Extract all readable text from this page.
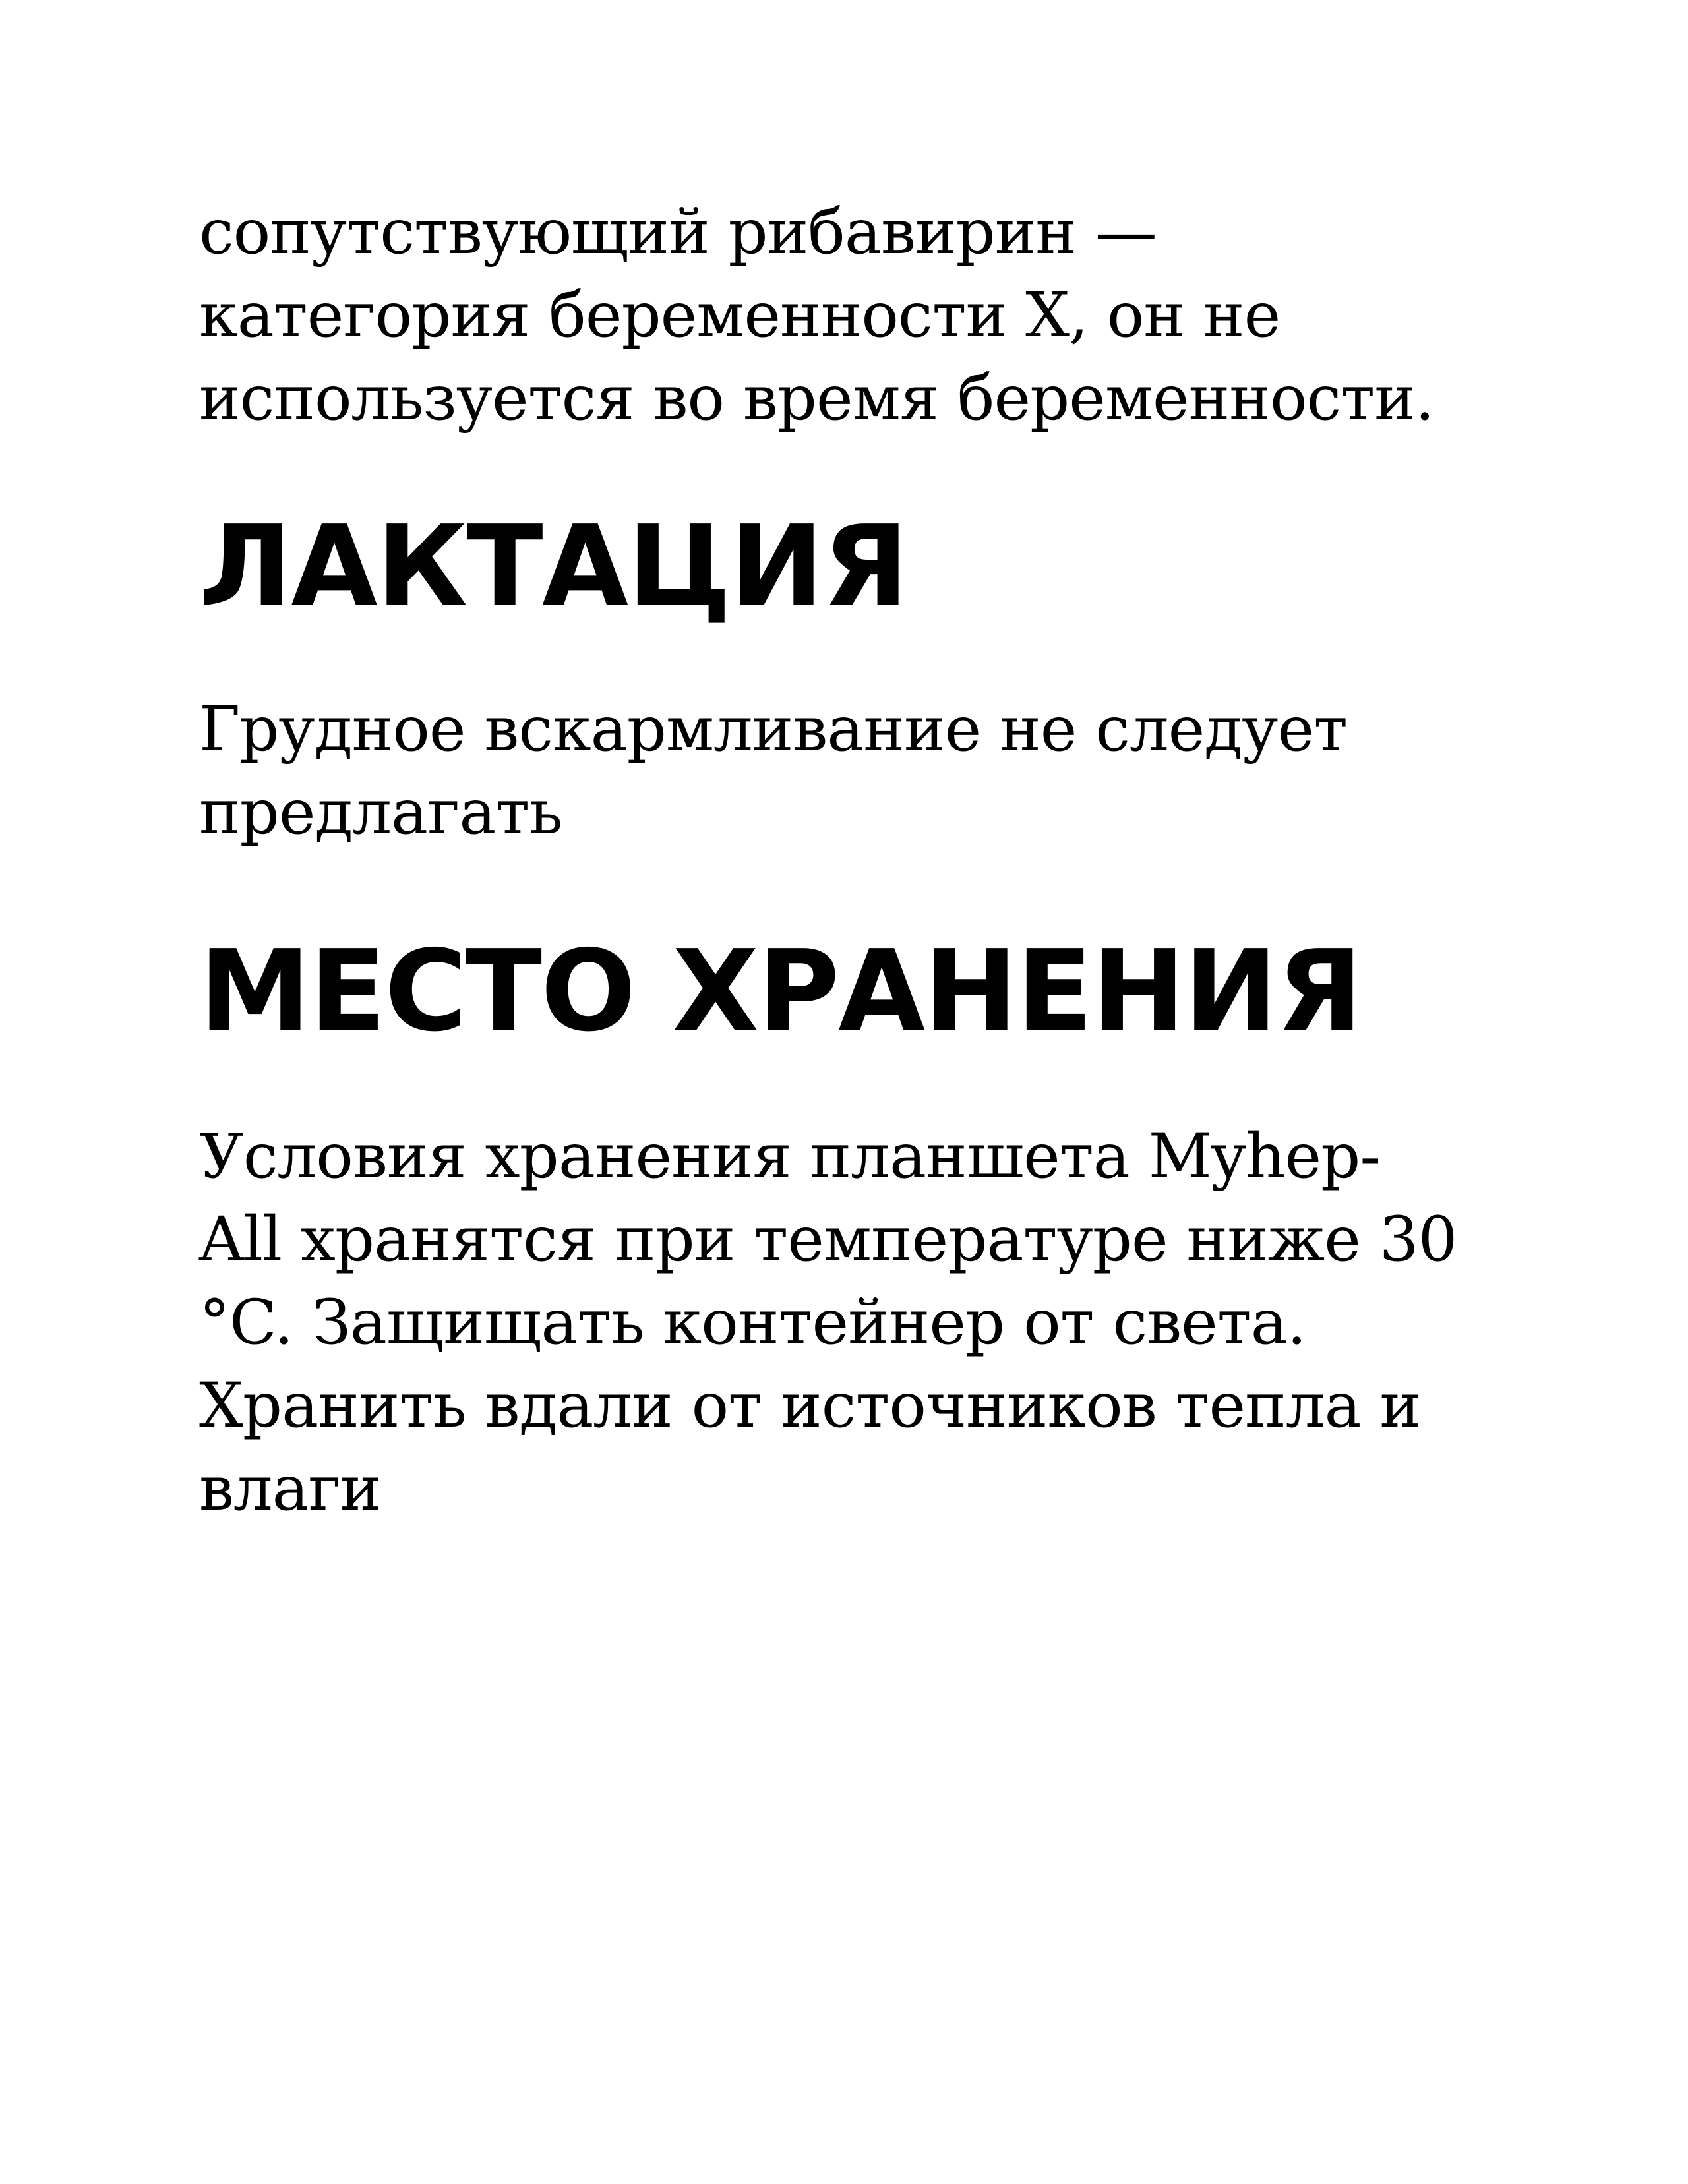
сопутствующий рибавирин —
категория беременности X, он не
используется во время беременности.

ЛАКТАЦИЯ

Грудное вскармливание не следует
предлагать

МЕСТО ХРАНЕНИЯ

Условия хранения планшета Myhep-
All хранятся при температуре ниже 30
°C. Защищать контейнер от света.
Хранить вдали от источников тепла и
влаги
